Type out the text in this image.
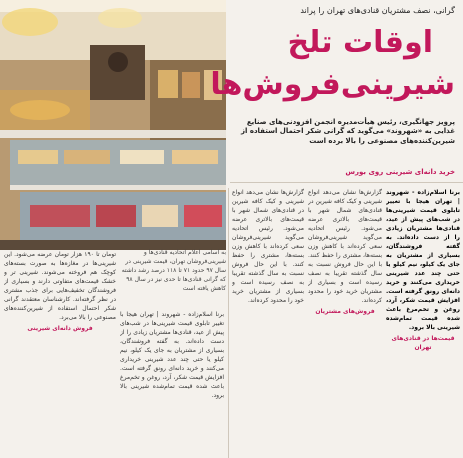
گرانی، نصف مشتریان قنادی‌های تهران را پراند
اوقات تلخ
شیرینی‌فروش‌ها
پرویز جهانگیری، رئیس هیأت‌مدیره انجمن افزودنی‌های صنایع غذایی به «شهروند» می‌گوید که گرانی شکر احتمال استفاده از شیرین‌کننده‌های مصنوعی را بالا برده است
خرید دانه‌ای شیرینی روی بورس

برنا اسلام‌زاده - شهروند | تهران هیجا با تغییر تابلوی قیمت شیرینی‌ها در شب‌های پیش از عید، قنادی‌ها مشتریان زیادی را از دست داده‌اند. به گفته فروشندگان، بسیاری از مشتریان به جای یک کیلو، نیم کیلو یا حتی چند عدد شیرینی خریداری می‌کنند و خرید دانه‌ای رونق گرفته است. افزایش قیمت شکر، آرد، روغن و تخم‌مرغ باعث شده قیمت تمام‌شده شیرینی بالا برود.

قیمت‌ها در قنادی‌های تهران

گزارش‌ها نشان می‌دهد انواع شیرینی و کیک کافه شیرین در قنادی‌های شمال شهر با قیمت‌های بالاتری عرضه می‌شود. رئیس اتحادیه می‌گوید شیرینی‌فروشان سعی کرده‌اند با کاهش وزن بسته‌ها، مشتری را حفظ کنند. با این حال فروش نسبت به سال گذشته تقریبا به نصف رسیده است و بسیاری از مشتریان خرید خود را محدود کرده‌اند.

فروش‌های مشتریان

گزارش‌ها نشان می‌دهد انواع شیرینی و کیک کافه شیرین در قنادی‌های شمال شهر با قیمت‌های بالاتری عرضه می‌شود. رئیس اتحادیه می‌گوید شیرینی‌فروشان سعی کرده‌اند با کاهش وزن بسته‌ها، مشتری را حفظ کنند. با این حال فروش نسبت به سال گذشته تقریبا به نصف رسیده است و بسیاری از مشتریان خرید خود را محدود کرده‌اند.

به اسامی اعلام اتحادیه قنادی‌ها و شیرینی‌فروشان تهران، قیمت شیرینی در سال ۹۷ حدود ۷۱ تا ۱۱۸ درصد رشد داشته که گرانی قنادی‌ها تا حدی نیز در سال ۹۸ کاهش یافته است

تومان تا ۱۹۰ هزار تومان عرضه می‌شود. این شیرینی‌ها در مغازه‌ها به صورت بسته‌های کوچک هم فروخته می‌شوند. شیرینی تر و خشک قیمت‌های متفاوتی دارند و بسیاری از فروشندگان تخفیف‌هایی برای جذب مشتری در نظر گرفته‌اند. کارشناسان معتقدند گرانی شکر احتمال استفاده از شیرین‌کننده‌های مصنوعی را بالا می‌برد.

فروش دانه‌ای شیرینی

برنا اسلام‌زاده - شهروند | تهران هیجا با تغییر تابلوی قیمت شیرینی‌ها در شب‌های پیش از عید، قنادی‌ها مشتریان زیادی را از دست داده‌اند. به گفته فروشندگان، بسیاری از مشتریان به جای یک کیلو، نیم کیلو یا حتی چند عدد شیرینی خریداری می‌کنند و خرید دانه‌ای رونق گرفته است. افزایش قیمت شکر، آرد، روغن و تخم‌مرغ باعث شده قیمت تمام‌شده شیرینی بالا برود.
